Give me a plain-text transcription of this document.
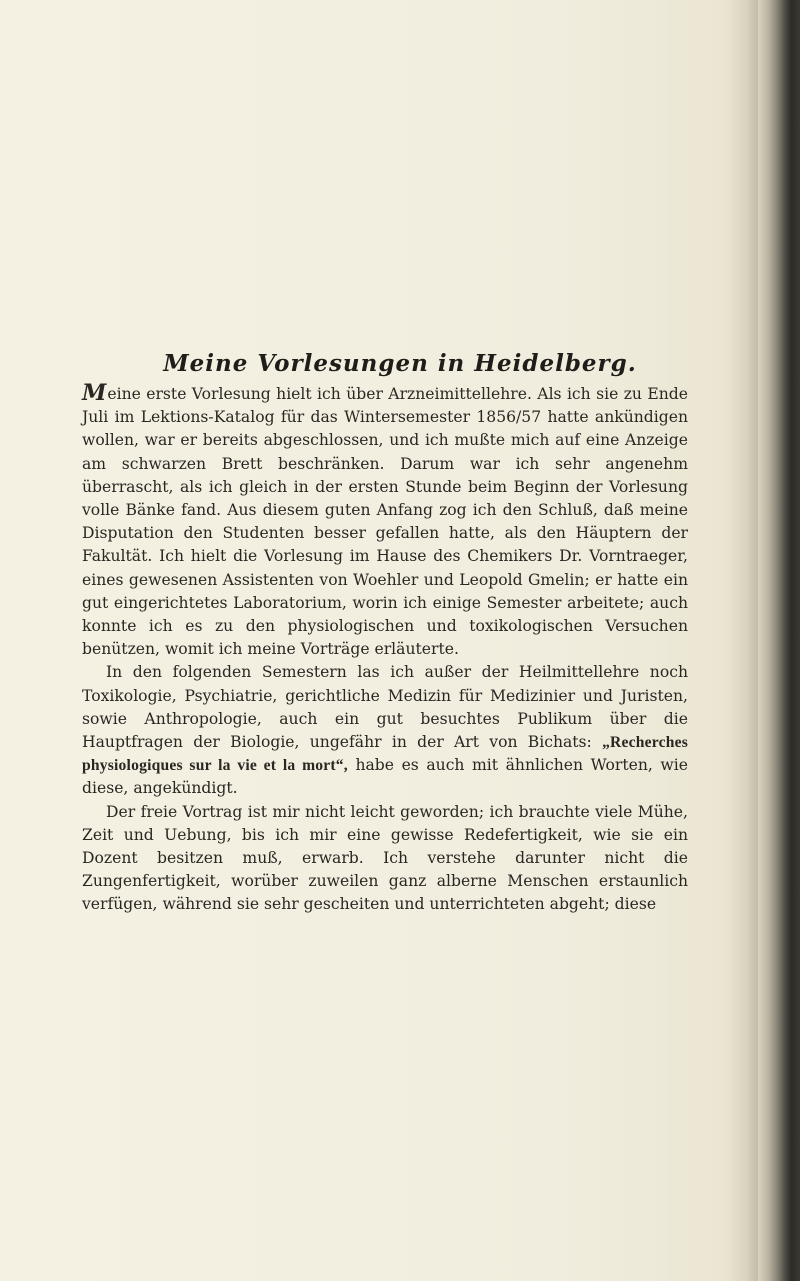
Meine Vorlesungen in Heidelberg.

Meine erste Vorlesung hielt ich über Arzneimittellehre. Als ich sie zu Ende Juli im Lektions-Katalog für das Wintersemester 1856/57 hatte ankündigen wollen, war er bereits abgeschlossen, und ich mußte mich auf eine Anzeige am schwarzen Brett beschränken. Darum war ich sehr angenehm überrascht, als ich gleich in der ersten Stunde beim Beginn der Vorlesung volle Bänke fand. Aus diesem guten Anfang zog ich den Schluß, daß meine Disputation den Studenten besser gefallen hatte, als den Häuptern der Fakultät. Ich hielt die Vorlesung im Hause des Chemikers Dr. Vorntraeger, eines gewesenen Assistenten von Woehler und Leopold Gmelin; er hatte ein gut eingerichtetes Laboratorium, worin ich einige Semester arbeitete; auch konnte ich es zu den physiologischen und toxikologischen Versuchen benützen, womit ich meine Vorträge erläuterte.

In den folgenden Semestern las ich außer der Heilmittellehre noch Toxikologie, Psychiatrie, gerichtliche Medizin für Medizinier und Juristen, sowie Anthropologie, auch ein gut besuchtes Publikum über die Hauptfragen der Biologie, ungefähr in der Art von Bichats: „Recherches physiologiques sur la vie et la mort“, habe es auch mit ähnlichen Worten, wie diese, angekündigt.

Der freie Vortrag ist mir nicht leicht geworden; ich brauchte viele Mühe, Zeit und Uebung, bis ich mir eine gewisse Redefertigkeit, wie sie ein Dozent besitzen muß, erwarb. Ich verstehe darunter nicht die Zungenfertigkeit, worüber zuweilen ganz alberne Menschen erstaunlich verfügen, während sie sehr gescheiten und unterrichteten abgeht; diese
